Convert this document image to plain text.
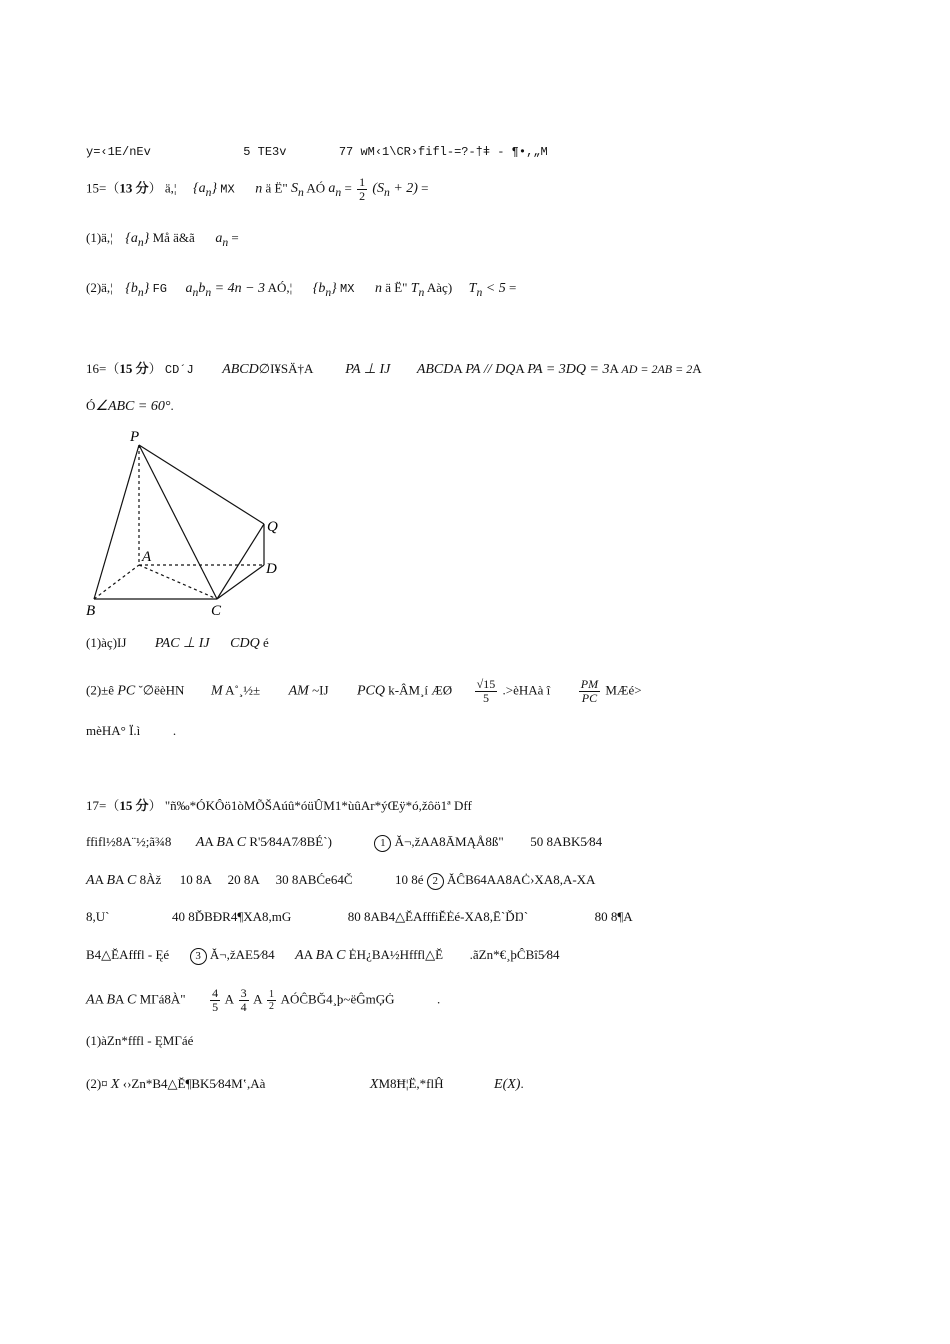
y=‹1E/nEv	5 TE3v	77 wM‹1\CR›fifl-=?-†ǂ - ¶•,„M
15=（13 分） ä,¦ $\{a_n\}$ MX n ä Ë" $S_n$ AÓ $a_n = \frac{1}{2} (S_n + 2)$ =
(1)ä,¦ $\{a_n\}$ Må ä&ã $a_n$ =
(2)ä,¦ $\{b_n\}$ FG $a_nb_n = 4n - 3$ AÓ,¦ $\{b_n\}$ MX n ä Ë" $T_n$ Aàç) $T_n < 5$ =
16=（15 分） CD´J ABCD∅I¥SÄ†A PA ⊥ IJ ABCDA PA // DQA PA = 3DQ = 3A AD = 2AB = 2A
Ó∠ABC = 60°.
P
Q
A
D
B	C
(1)àç)IJ PAC ⊥ IJ CDQ é
(2)±ê PC ˘∅ëèHN M A˚¸½± AM ~IJ PCQ k-ÂM¸í ÆØ $\frac{√15}{5}$ .>èHAà î $\frac{PM}{PC}$ MÆé>
mèHA° Ï.ì	.
17=（15 分） "ñ‰*ÓKÔö1òMÕŠAúû*óüÛM1*ùûAr*ýŒÿ*ó,žôö1ª Dff
ffifl½8A¨½;ã¾8 AA BA C R'5⁄84A7⁄8BÉ`)	1 Ă¬,žAA8ĀMĄÅ8ß" 50 8ABK5⁄84
AA BA C 8Àž 10 8A 20 8A 30 8ABĆe64Č	10 8é 2 ĂĈB64AA8AĊ›XA8,A-XA
8,U`	40 8ĎBĐR4¶XA8,mG	80 8AB4△ĔAfffiĔĖé-XA8,Ē`ĎŊ`	80 8¶A
B4△ĔAfffl - Ęé 3 Ă¬,žAE5⁄84 AA BA C ĖH¿BA½Hfffl△Ĕ .ãZn*€¸þĈBî5⁄84
AA BA C MΓá8À" $\frac{4}{5}$ A $\frac{3}{4}$ A $\frac{1}{2}$ AÓĈBĞ4¸þ~ëĜmĢĠ	.
(1)àZn*fffl - ĘMΓáé
(2)¤ X ‹›Zn*B4△Ĕ¶BK5⁄84M‛,Aà	XM8Ħ¦Ë,*flĤ	E(X).
